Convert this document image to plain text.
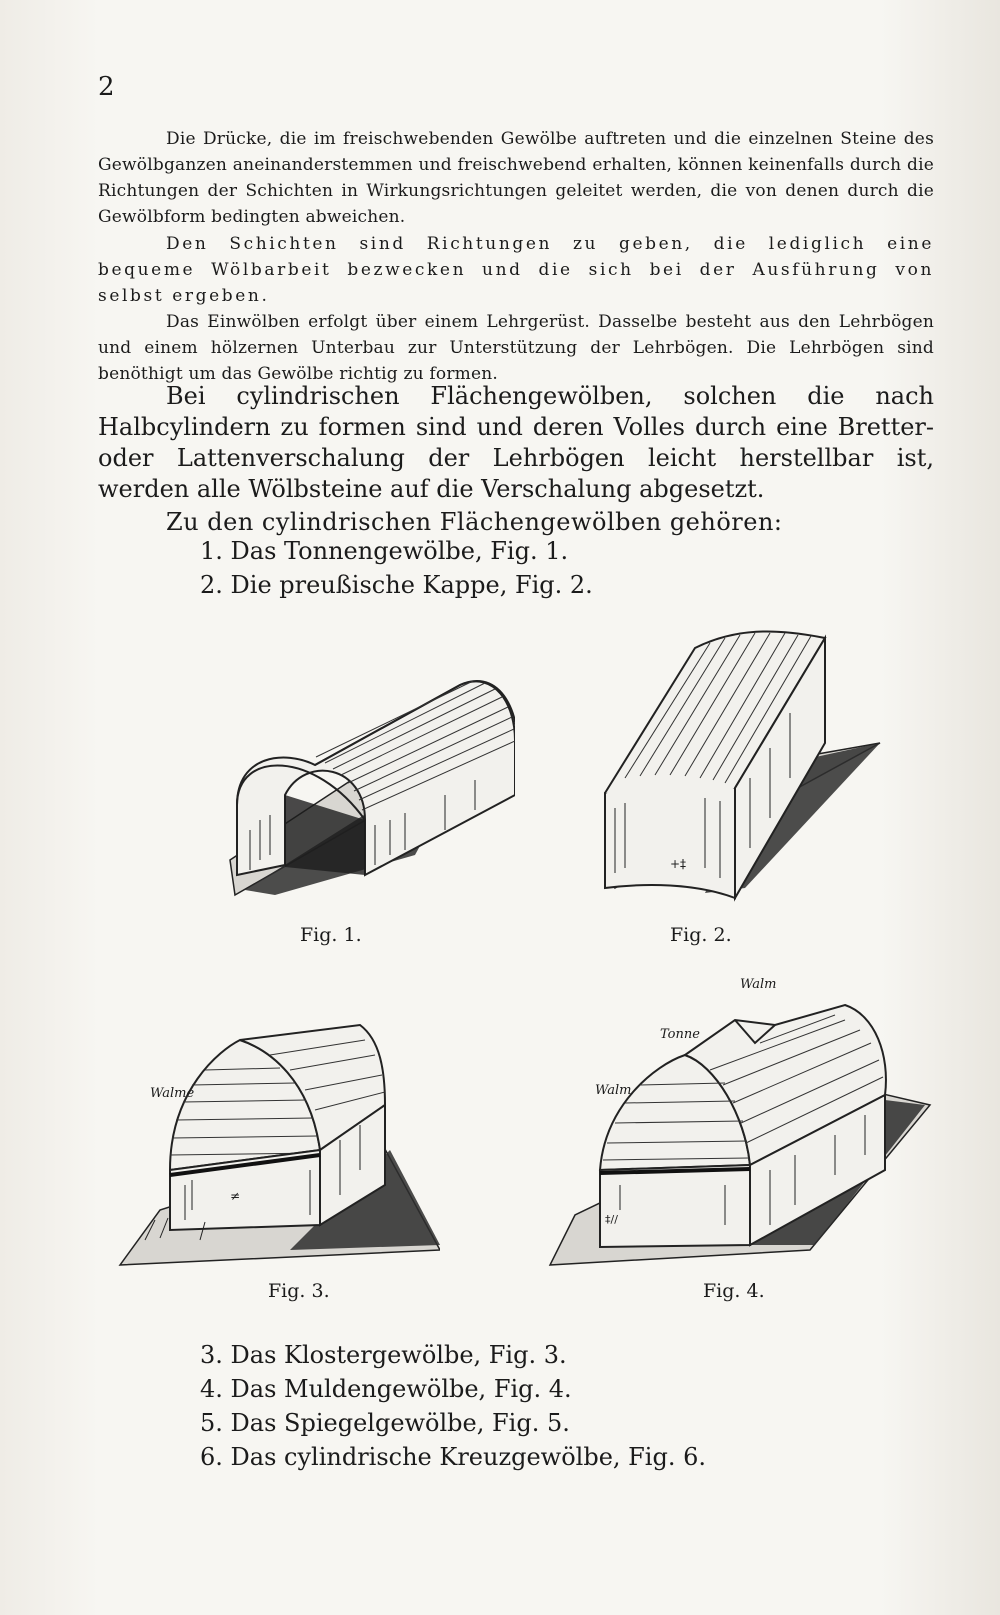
2
Die Drücke, die im freischwebenden Gewölbe auftreten und die einzelnen Steine des Gewölbganzen aneinanderstemmen und freischwebend erhalten, können keinenfalls durch die Richtungen der Schichten in Wirkungsrichtungen geleitet werden, die von denen durch die Gewölbform bedingten abweichen.
Den Schichten sind Richtungen zu geben, die lediglich eine bequeme Wölbarbeit bezwecken und die sich bei der Ausführung von selbst ergeben.
Das Einwölben erfolgt über einem Lehrgerüst. Dasselbe besteht aus den Lehrbögen und einem hölzernen Unterbau zur Unterstützung der Lehrbögen. Die Lehrbögen sind benöthigt um das Gewölbe richtig zu formen.
Bei cylindrischen Flächengewölben, solchen die nach Halbcylindern zu formen sind und deren Volles durch eine Bretter- oder Lattenverschalung der Lehrbögen leicht herstellbar ist, werden alle Wölbsteine auf die Verschalung abgesetzt.
Zu den cylindrischen Flächengewölben gehören:
1. Das Tonnengewölbe, Fig. 1.
2. Die preußische Kappe, Fig. 2.
Fig. 1.
+‡
Fig. 2.
≠
Walme
Fig. 3.
‡//
Walm
Tonne
Walm
Fig. 4.
3. Das Klostergewölbe, Fig. 3.
4. Das Muldengewölbe, Fig. 4.
5. Das Spiegelgewölbe, Fig. 5.
6. Das cylindrische Kreuzgewölbe, Fig. 6.
